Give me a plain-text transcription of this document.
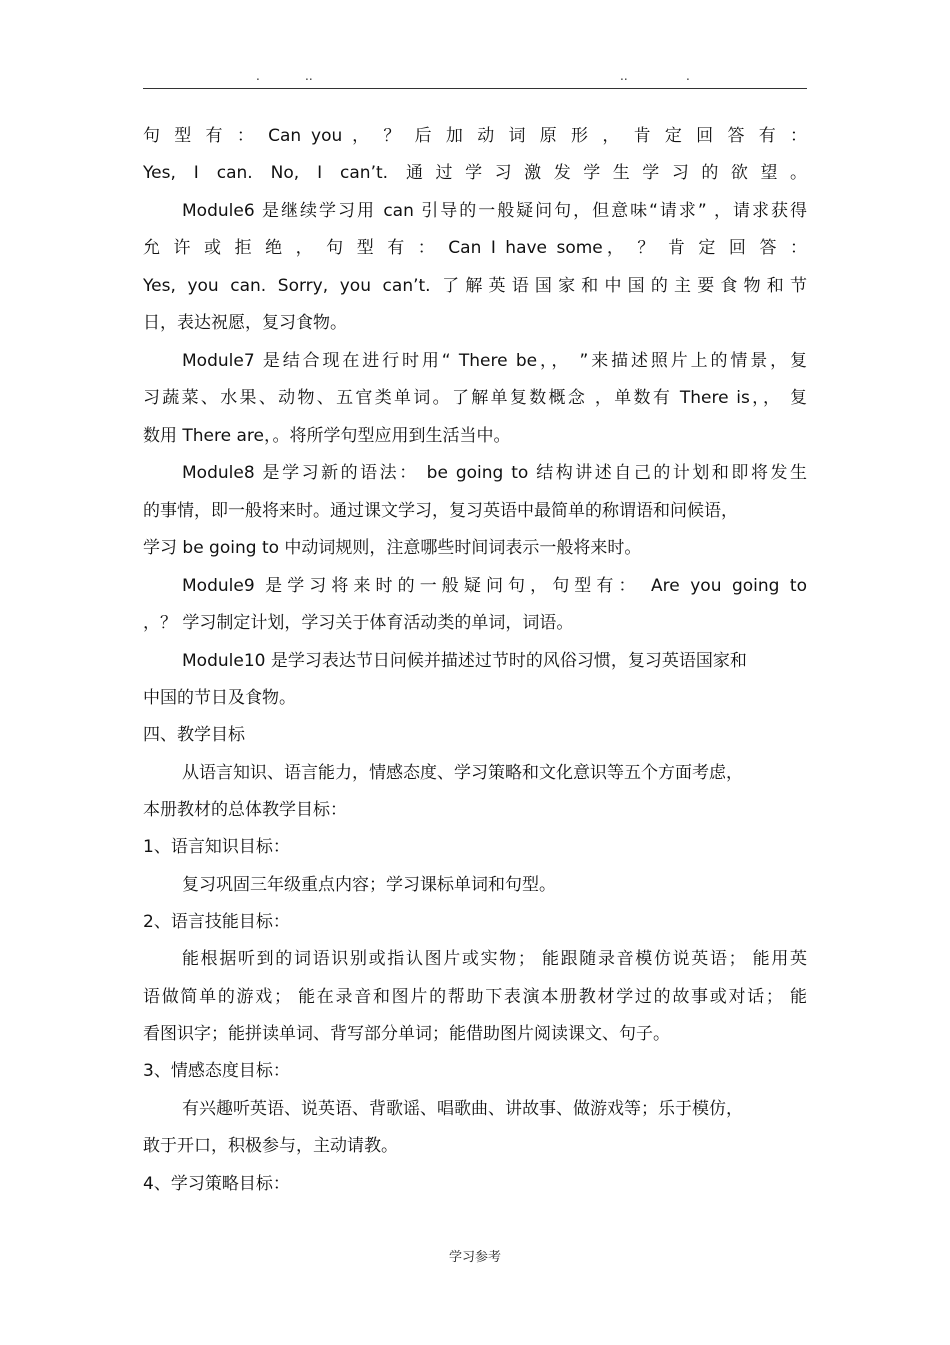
.	..	..	.
句 型 有 ： Can you ， ？ 后 加 动 词 原 形 ， 肯 定 回 答 有 ：
Yes, I can. No, I can’t. 通过学习激发学生学习的欲望。
Module6 是继续学习用 can 引导的一般疑问句，但意味“请求” ，请求获得
允 许 或 拒 绝 ， 句 型 有 ： Can I have some， ？ 肯 定 回 答 ：
Yes, you can. Sorry, you can’t. 了解英语国家和中国的主要食物和节
日，表达祝愿，复习食物。
Module7 是结合现在进行时用“ There be，， ”来描述照片上的情景，复
习蔬菜、水果、动物、五官类单词。了解单复数概念 ，单数有 There is，， 复
数用 There are，。将所学句型应用到生活当中。
Module8 是学习新的语法： be going to 结构讲述自己的计划和即将发生
的事情，即一般将来时。通过课文学习，复习英语中最简单的称谓语和问候语，
学习 be going to 中动词规则，注意哪些时间词表示一般将来时。
Module9 是学习将来时的一般疑问句，句型有： Are you going to
，？ 学习制定计划，学习关于体育活动类的单词，词语。
Module10 是学习表达节日问候并描述过节时的风俗习惯，复习英语国家和
中国的节日及食物。
四、教学目标
从语言知识、语言能力，情感态度、学习策略和文化意识等五个方面考虑，
本册教材的总体教学目标：
1、语言知识目标：
复习巩固三年级重点内容；学习课标单词和句型。
2、语言技能目标：
能根据听到的词语识别或指认图片或实物； 能跟随录音模仿说英语； 能用英
语做简单的游戏； 能在录音和图片的帮助下表演本册教材学过的故事或对话； 能
看图识字；能拼读单词、背写部分单词；能借助图片阅读课文、句子。
3、情感态度目标：
有兴趣听英语、说英语、背歌谣、唱歌曲、讲故事、做游戏等；乐于模仿，
敢于开口，积极参与，主动请教。
4、学习策略目标：
学习参考
